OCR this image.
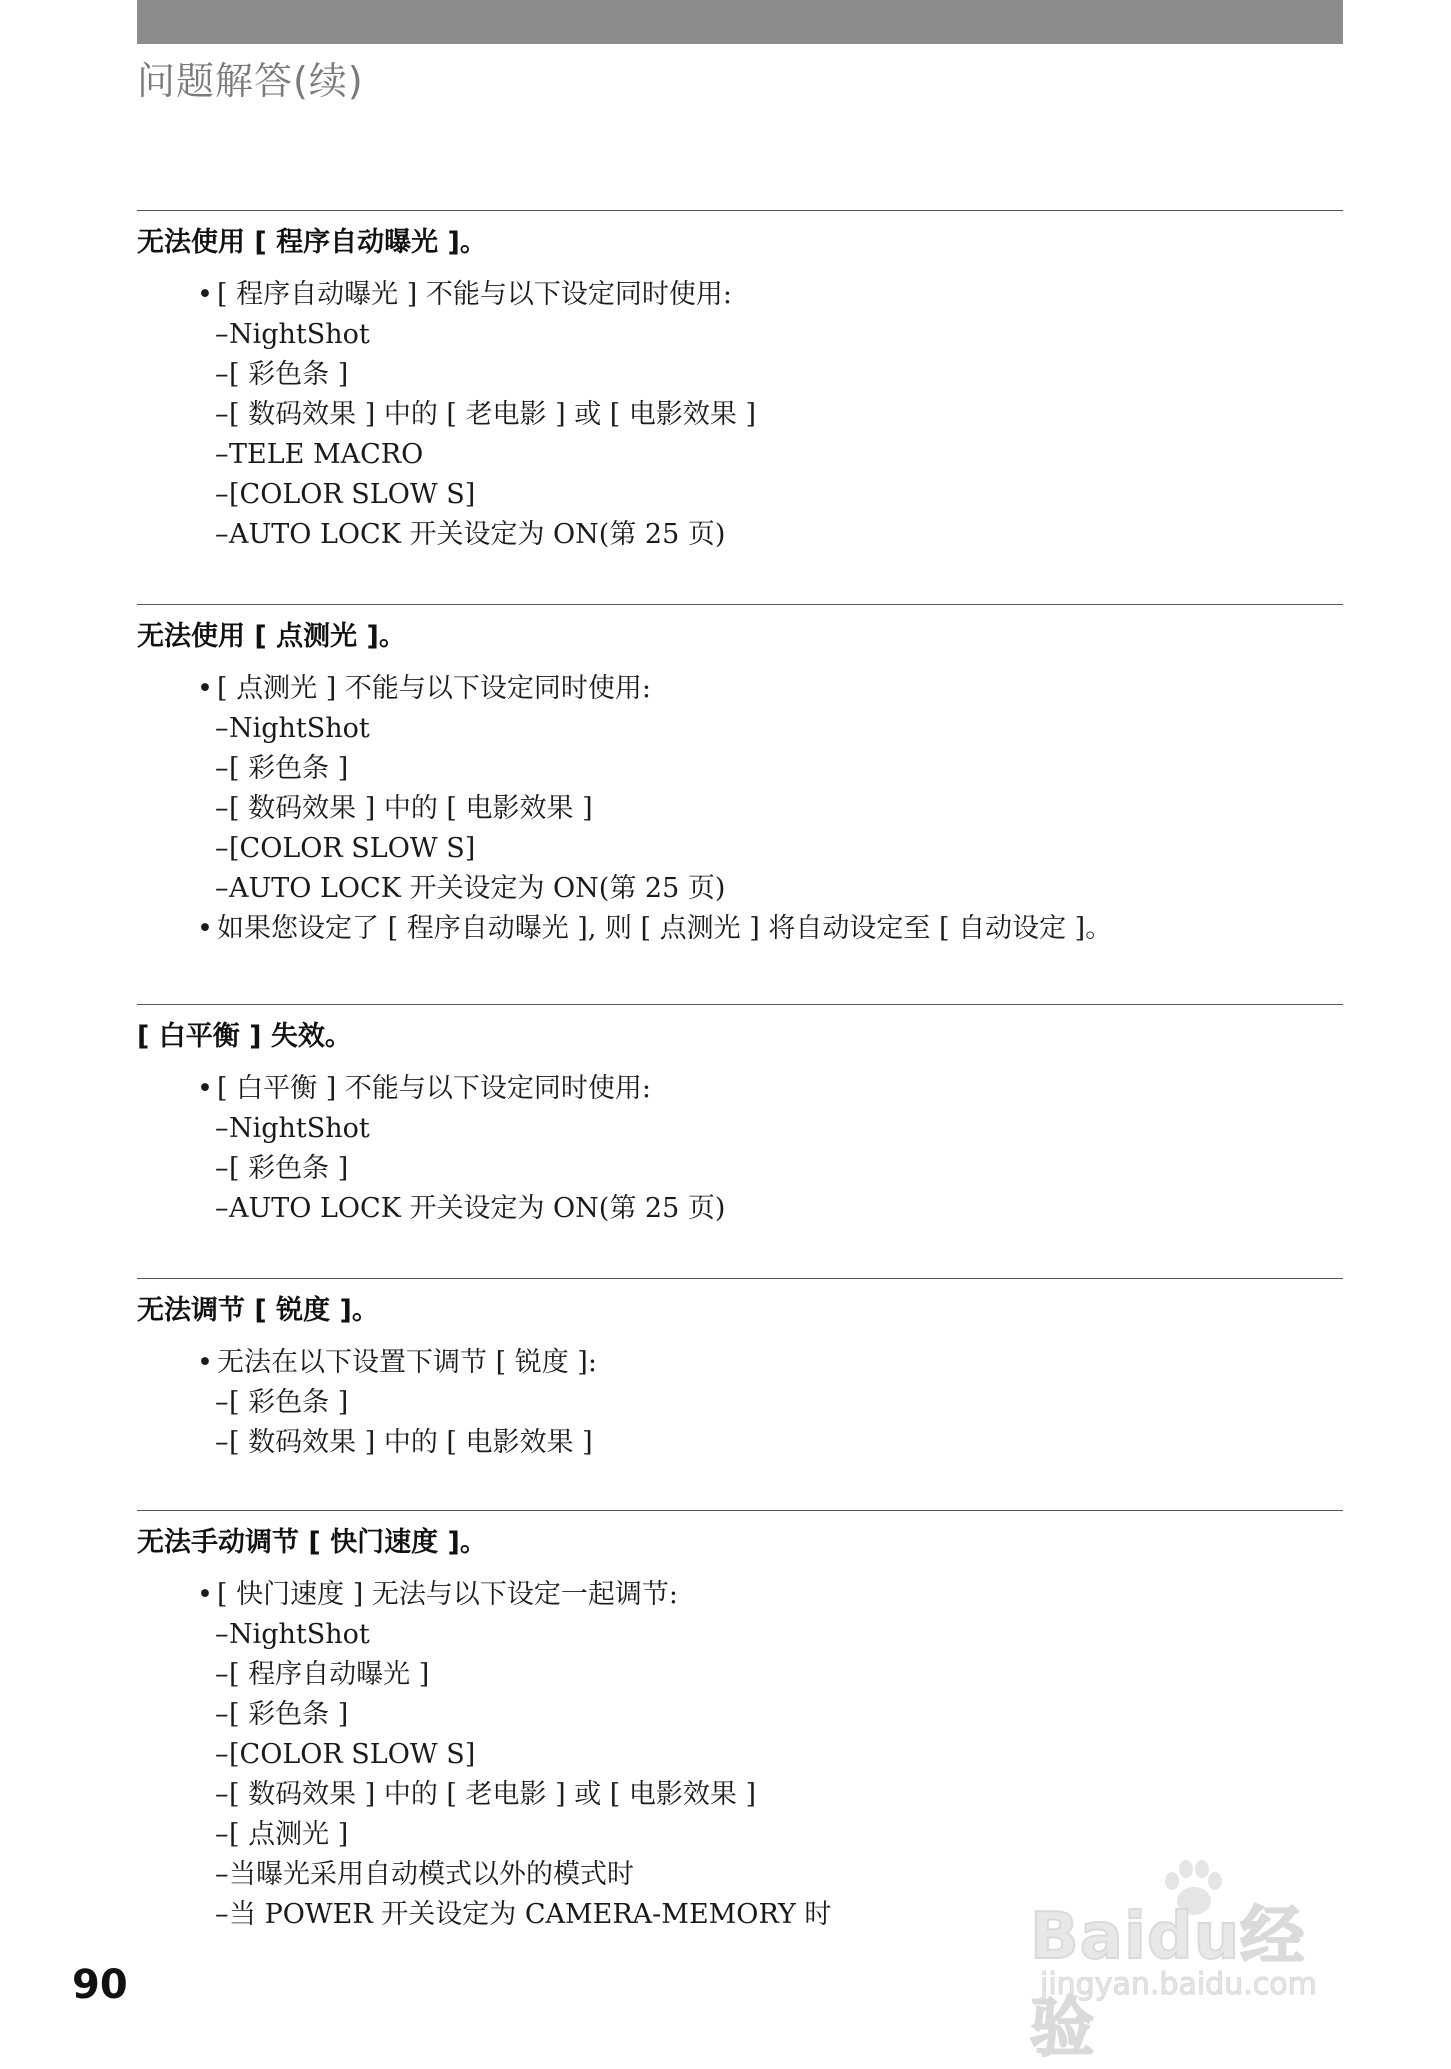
问题解答(续)
无法使用 [ 程序自动曝光 ]。
• [ 程序自动曝光 ] 不能与以下设定同时使用:
–NightShot
–[ 彩色条 ]
–[ 数码效果 ] 中的 [ 老电影 ] 或 [ 电影效果 ]
–TELE MACRO
–[COLOR SLOW S]
–AUTO LOCK 开关设定为 ON(第 25 页)
无法使用 [ 点测光 ]。
• [ 点测光 ] 不能与以下设定同时使用:
–NightShot
–[ 彩色条 ]
–[ 数码效果 ] 中的 [ 电影效果 ]
–[COLOR SLOW S]
–AUTO LOCK 开关设定为 ON(第 25 页)
• 如果您设定了 [ 程序自动曝光 ], 则 [ 点测光 ] 将自动设定至 [ 自动设定 ]。
[ 白平衡 ] 失效。
• [ 白平衡 ] 不能与以下设定同时使用:
–NightShot
–[ 彩色条 ]
–AUTO LOCK 开关设定为 ON(第 25 页)
无法调节 [ 锐度 ]。
• 无法在以下设置下调节 [ 锐度 ]:
–[ 彩色条 ]
–[ 数码效果 ] 中的 [ 电影效果 ]
无法手动调节 [ 快门速度 ]。
• [ 快门速度 ] 无法与以下设定一起调节:
–NightShot
–[ 程序自动曝光 ]
–[ 彩色条 ]
–[COLOR SLOW S]
–[ 数码效果 ] 中的 [ 老电影 ] 或 [ 电影效果 ]
–[ 点测光 ]
–当曝光采用自动模式以外的模式时
–当 POWER 开关设定为 CAMERA-MEMORY 时
90
Baidu经验
jingyan.baidu.com
